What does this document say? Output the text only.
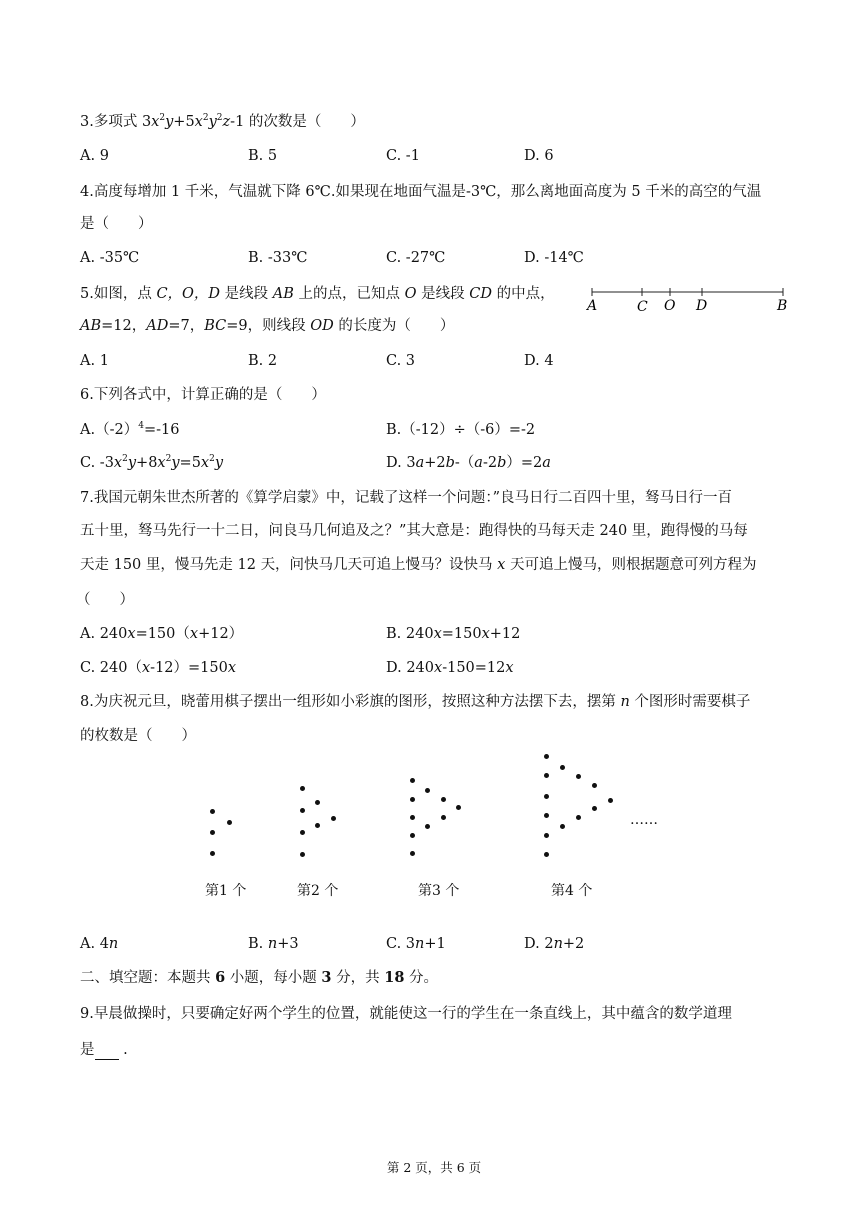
3.多项式 $3x^2y+5x^2y^2z-1$ 的次数是（　　）
A. 9	B. 5	C. -1	D. 6
4.高度每增加 1 千米，气温就下降 6℃.如果现在地面气温是-3℃，那么离地面高度为 5 千米的高空的气温
是（　　）
A. -35℃	B. -33℃	C. -27℃	D. -14℃
5.如图，点 C，O，D 是线段 AB 上的点，已知点 O 是线段 CD 的中点，
AB=12，AD=7，BC=9，则线段 OD 的长度为（　　）
A	C O D	B
A. 1	B. 2	C. 3	D. 4
6.下列各式中，计算正确的是（　　）
$A.(-2)^4=-16$	B.（-12）÷（-6）=-2
C. $-3x^2y+8x^2y=5x^2y$	D. 3a+2b-（a-2b）=2a
7.我国元朝朱世杰所著的《算学启蒙》中，记载了这样一个问题：”良马日行二百四十里，驽马日行一百
五十里，驽马先行一十二日，问良马几何追及之？”其大意是：跑得快的马每天走 240 里，跑得慢的马每
天走 150 里，慢马先走 12 天，问快马几天可追上慢马？设快马 x 天可追上慢马，则根据题意可列方程为
（　　）
A. 240x=150（x+12）	B. 240x=150x+12
C. 240（x-12）=150x	D. 240x-150=12x
8.为庆祝元旦，晓蕾用棋子摆出一组形如小彩旗的图形，按照这种方法摆下去，摆第 n 个图形时需要棋子
的枚数是（　　）
……
第1 个	第2 个	第3 个	第4 个
A. 4n	B. n+3	C. 3n+1	D. 2n+2
二、填空题：本题共 6 小题，每小题 3 分，共 18 分。
9.早晨做操时，只要确定好两个学生的位置，就能使这一行的学生在一条直线上，其中蕴含的数学道理
是 .
第 2 页，共 6 页
